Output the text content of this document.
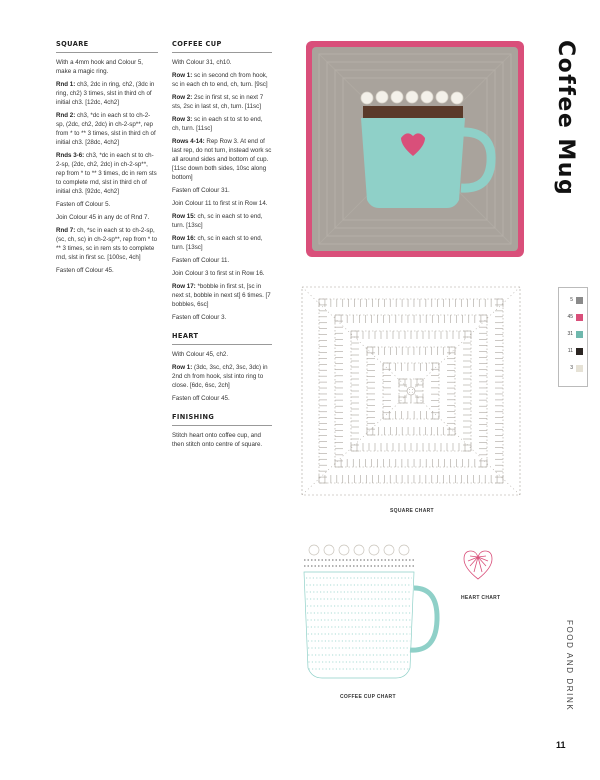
SQUARE

With a 4mm hook and Colour 5, make a magic ring.

Rnd 1: ch3, 2dc in ring, ch2, (3dc in ring, ch2) 3 times, slst in third ch of initial ch3. [12dc, 4ch2]

Rnd 2: ch3, *dc in each st to ch-2-sp, (2dc, ch2, 2dc) in ch-2-sp**, rep from * to ** 3 times, slst in third ch of initial ch3. [28dc, 4ch2]

Rnds 3-6: ch3, *dc in each st to ch-2-sp, (2dc, ch2, 2dc) in ch-2-sp**, rep from * to ** 3 times, dc in rem sts to complete rnd, slst in third ch of initial ch3. [92dc, 4ch2]

Fasten off Colour 5.

Join Colour 45 in any dc of Rnd 7.

Rnd 7: ch, *sc in each st to ch-2-sp, (sc, ch, sc) in ch-2-sp**, rep from * to ** 3 times, sc in rem sts to complete rnd, slst in first sc. [100sc, 4ch]

Fasten off Colour 45.

COFFEE CUP

With Colour 31, ch10.

Row 1: sc in second ch from hook, sc in each ch to end, ch, turn. [9sc]

Row 2: 2sc in first st, sc in next 7 sts, 2sc in last st, ch, turn. [11sc]

Row 3: sc in each st to st to end, ch, turn. [11sc]

Rows 4-14: Rep Row 3. At end of last rep, do not turn, instead work sc all around sides and bottom of cup. [11sc down both sides, 10sc along bottom]

Fasten off Colour 31.

Join Colour 11 to first st in Row 14.

Row 15: ch, sc in each st to end, turn. [13sc]

Row 16: ch, sc in each st to end, turn. [13sc]

Fasten off Colour 11.

Join Colour 3 to first st in Row 16.

Row 17: *bobble in first st, [sc in next st, bobble in next st] 6 times. [7 bobbles, 6sc]

Fasten off Colour 3.

HEART

With Colour 45, ch2.

Row 1: (3dc, 3sc, ch2, 3sc, 3dc) in 2nd ch from hook, slst into ring to close. [6dc, 6sc, 2ch]

Fasten off Colour 45.

FINISHING

Stitch heart onto coffee cup, and then stitch onto centre of square.

Coffee Mug
SQUARE CHART
5
45
31
11
3
COFFEE CUP CHART
HEART CHART
FOOD AND DRINK
11
